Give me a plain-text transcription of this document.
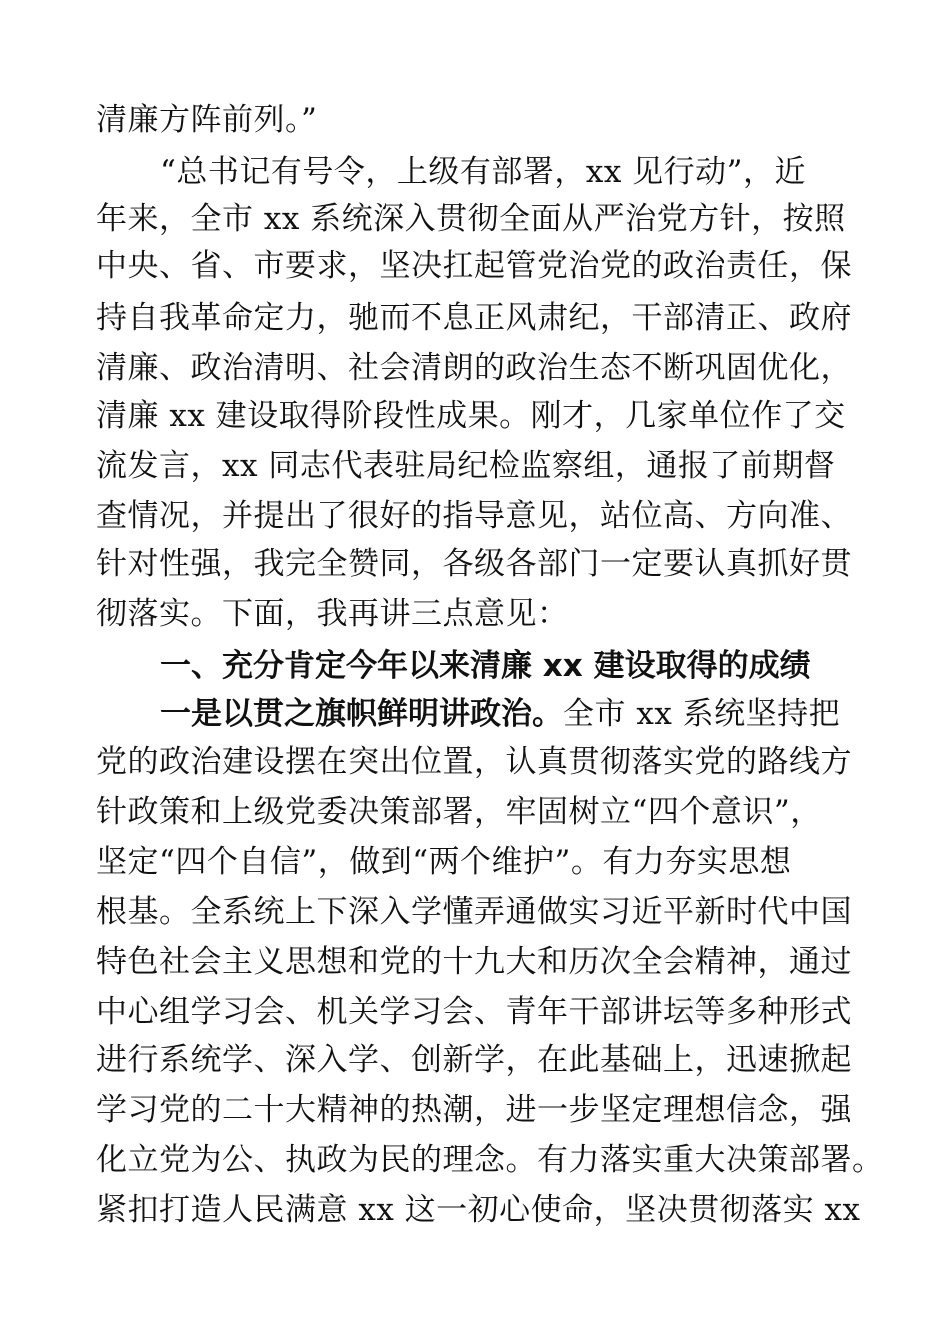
清廉方阵前列。”
“总书记有号令，上级有部署，xx 见行动”，近
年来，全市 xx 系统深入贯彻全面从严治党方针，按照
中央、省、市要求，坚决扛起管党治党的政治责任，保
持自我革命定力，驰而不息正风肃纪，干部清正、政府
清廉、政治清明、社会清朗的政治生态不断巩固优化，
清廉 xx 建设取得阶段性成果。刚才，几家单位作了交
流发言，xx 同志代表驻局纪检监察组，通报了前期督
查情况，并提出了很好的指导意见，站位高、方向准、
针对性强，我完全赞同，各级各部门一定要认真抓好贯
彻落实。下面，我再讲三点意见：
一、充分肯定今年以来清廉 xx 建设取得的成绩
一是以贯之旗帜鲜明讲政治。全市 xx 系统坚持把
党的政治建设摆在突出位置，认真贯彻落实党的路线方
针政策和上级党委决策部署，牢固树立“四个意识”，
坚定“四个自信”，做到“两个维护”。有力夯实思想
根基。全系统上下深入学懂弄通做实习近平新时代中国
特色社会主义思想和党的十九大和历次全会精神，通过
中心组学习会、机关学习会、青年干部讲坛等多种形式
进行系统学、深入学、创新学，在此基础上，迅速掀起
学习党的二十大精神的热潮，进一步坚定理想信念，强
化立党为公、执政为民的理念。有力落实重大决策部署。
紧扣打造人民满意 xx 这一初心使命，坚决贯彻落实 xx
